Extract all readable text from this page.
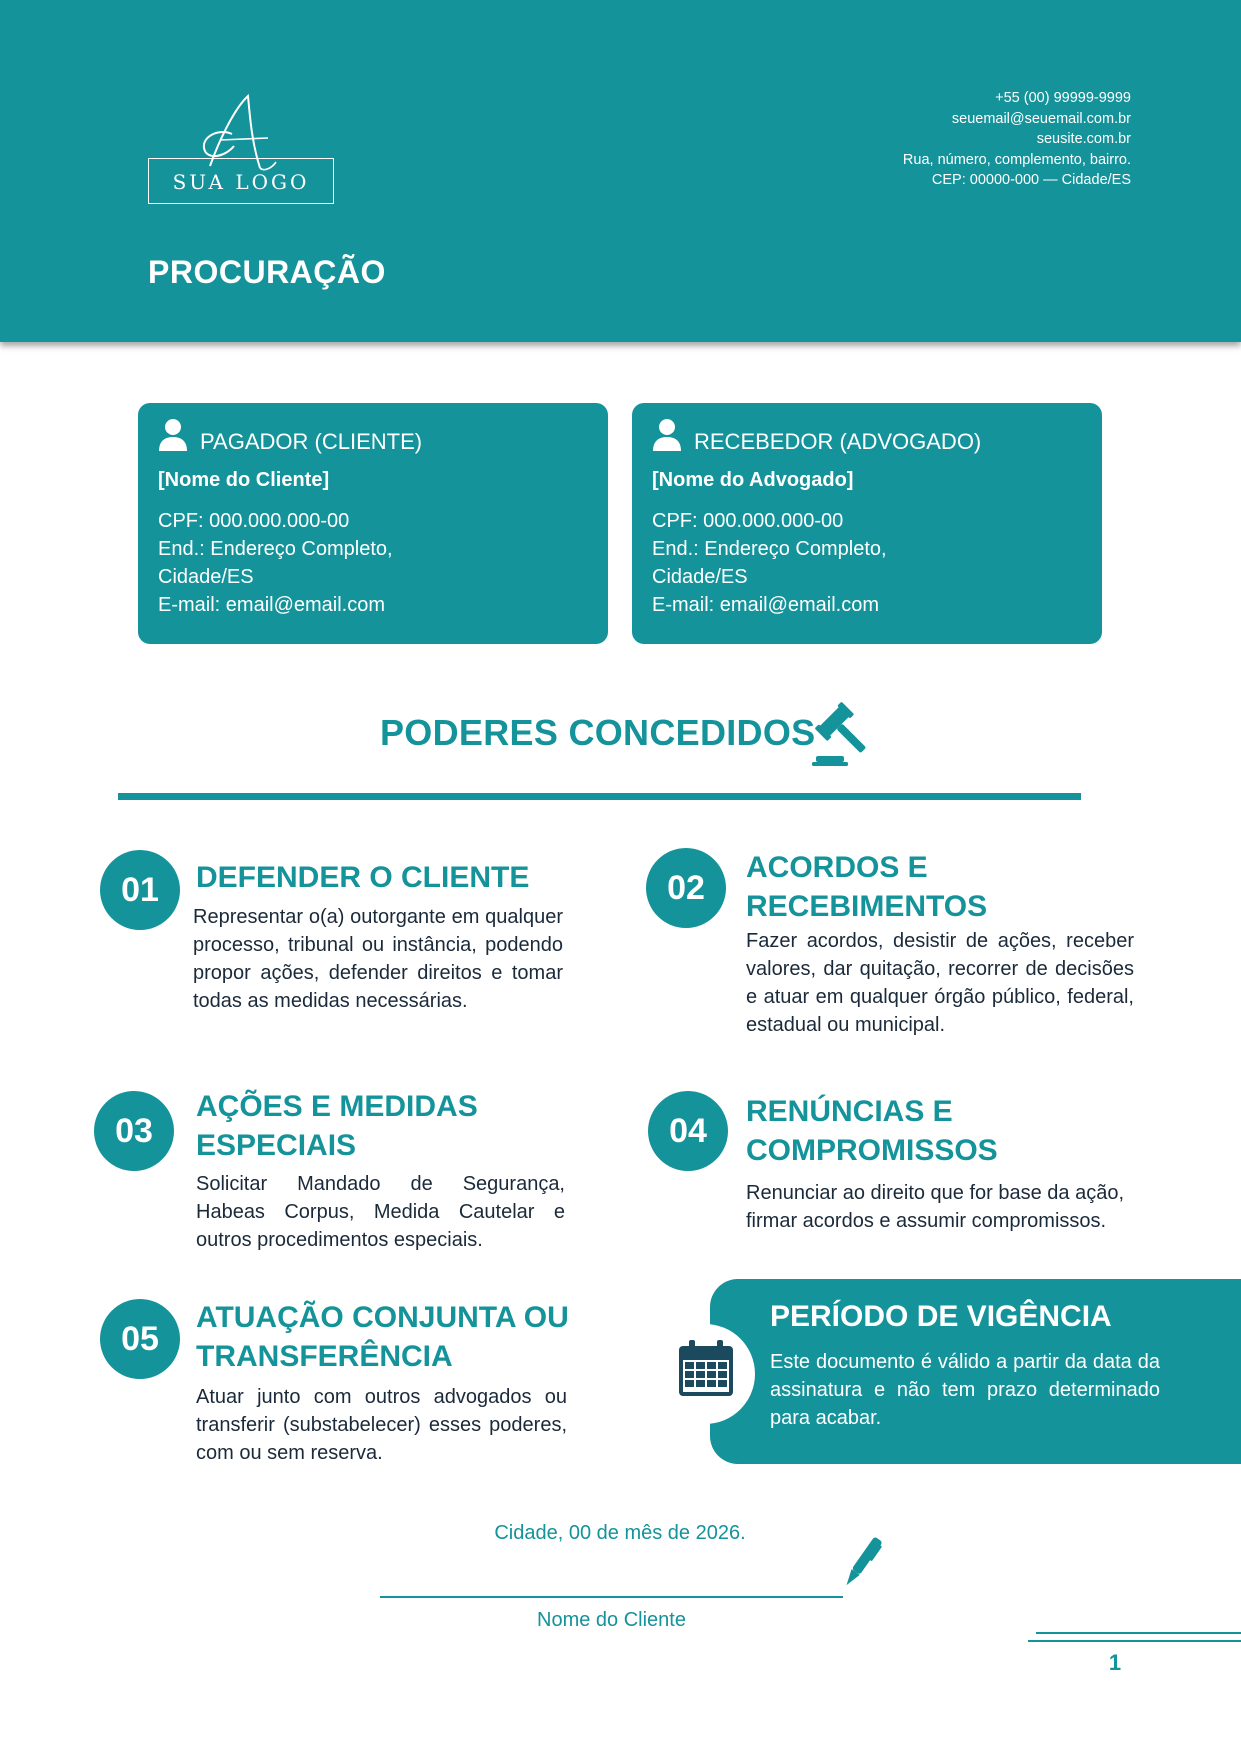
SUA LOGO
+55 (00) 99999-9999
seuemail@seuemail.com.br
seusite.com.br
Rua, número, complemento, bairro.
CEP: 00000-000 — Cidade/ES
PROCURAÇÃO
PAGADOR (CLIENTE)
[Nome do Cliente]
CPF: 000.000.000-00
End.: Endereço Completo,
Cidade/ES
E-mail: email@email.com
RECEBEDOR (ADVOGADO)
[Nome do Advogado]
CPF: 000.000.000-00
End.: Endereço Completo,
Cidade/ES
E-mail: email@email.com
PODERES CONCEDIDOS
01	DEFENDER O CLIENTE
Representar o(a) outorgante em qualquer processo, tribunal ou instância, podendo propor ações, defender direitos e tomar todas as medidas necessárias.
02
ACORDOS E RECEBIMENTOS
Fazer acordos, desistir de ações, receber valores, dar quitação, recorrer de decisões e atuar em qualquer órgão público, federal, estadual ou municipal.
03
AÇÕES E MEDIDAS ESPECIAIS
Solicitar Mandado de Segurança, Habeas Corpus, Medida Cautelar e outros procedimentos especiais.
04	RENÚNCIAS E COMPROMISSOS
Renunciar ao direito que for base da ação, firmar acordos e assumir compromissos.
05
ATUAÇÃO CONJUNTA OU TRANSFERÊNCIA
Atuar junto com outros advogados ou transferir (substabelecer) esses poderes, com ou sem reserva.
PERÍODO DE VIGÊNCIA
Este documento é válido a partir da data da assinatura e não tem prazo determinado para acabar.
Cidade, 00 de mês de 2026.
Nome do Cliente
1
